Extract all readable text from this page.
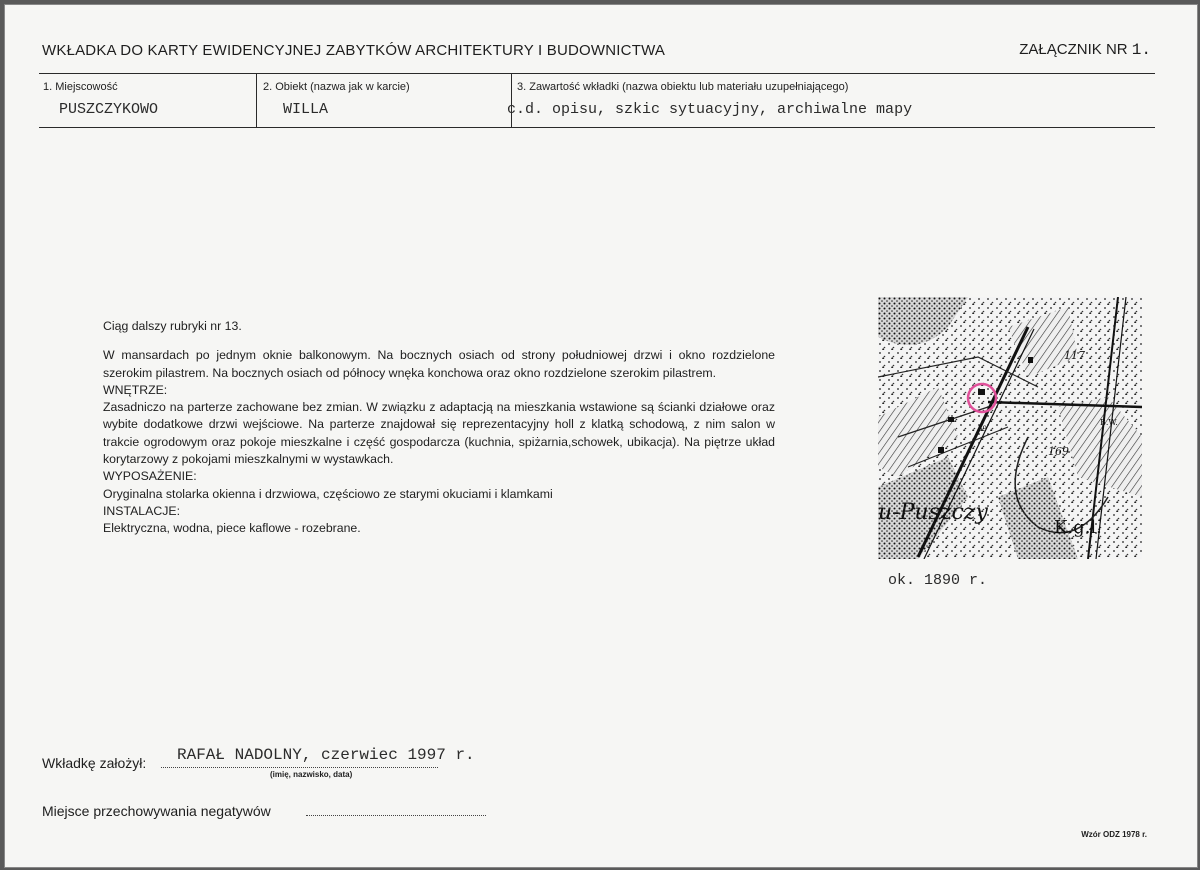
WKŁADKA DO KARTY EWIDENCYJNEJ ZABYTKÓW ARCHITEKTURY I BUDOWNICTWA	ZAŁĄCZNIK NR 1.
1. Miejscowość
PUSZCZYKOWO
2. Obiekt (nazwa jak w karcie)
WILLA
3. Zawartość wkładki (nazwa obiektu lub materiału uzupełniającego)
c.d. opisu, szkic sytuacyjny, archiwalne mapy

Ciąg dalszy rubryki nr 13.

W mansardach po jednym oknie balkonowym. Na bocznych osiach od strony południowej drzwi i okno rozdzielone szerokim pilastrem. Na bocznych osiach od północy wnęka konchowa oraz okno rozdzielone szerokim pilastrem.

WNĘTRZE:

Zasadniczo na parterze zachowane bez zmian. W związku z adaptacją na mieszkania wstawione są ścianki działowe oraz wybite dodatkowe drzwi wejściowe. Na parterze znajdował się reprezentacyjny holl z klatką schodową, z nim salon w trakcie ogrodowym oraz pokoje mieszkalne i część gospodarcza (kuchnia, spiżarnia,schowek, ubikacja). Na piętrze układ korytarzowy z pokojami mieszkalnymi w wystawkach.

WYPOSAŻENIE:

Oryginalna stolarka okienna i drzwiowa, częściowo ze starymi okuciami i klamkami

INSTALACJE:

Elektryczna, wodna, piece kaflowe - rozebrane.

u-Puszczy
K.g.l.
169
117
B.W.
59
ok. 1890 r.
Wkładkę założył: RAFAŁ NADOLNY, czerwiec 1997 r.
(imię, nazwisko, data)
Miejsce przechowywania negatywów
Wzór ODZ 1978 r.
